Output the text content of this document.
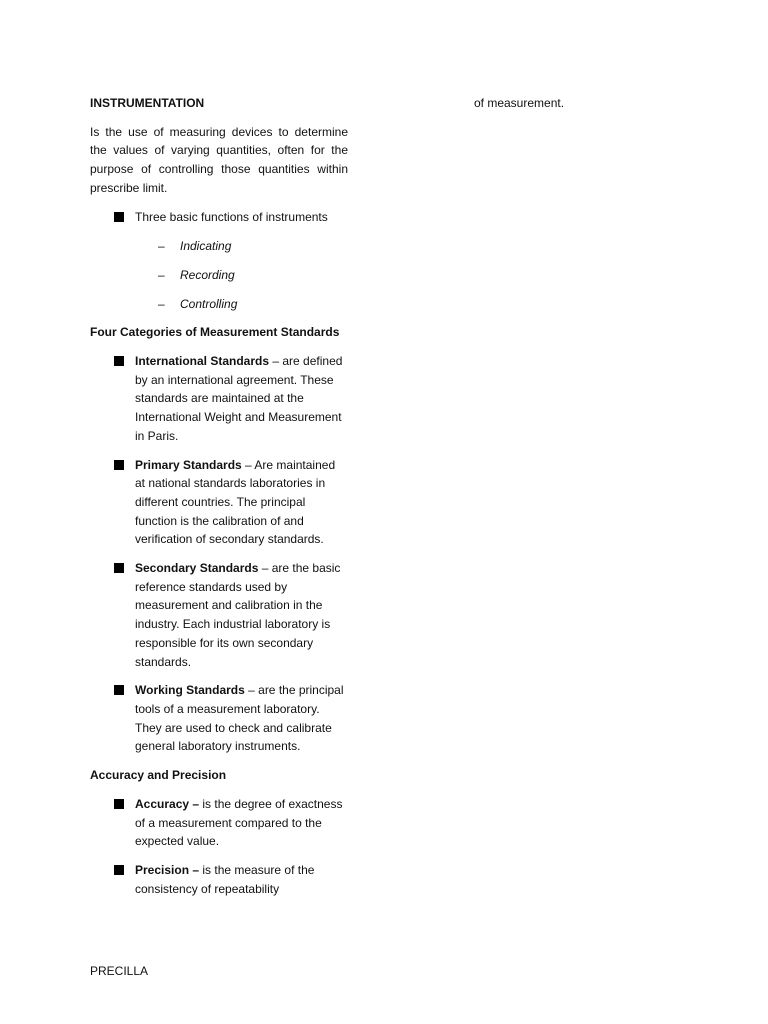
INSTRUMENTATION

Is the use of measuring devices to determine the values of varying quantities, often for the purpose of controlling those quantities within prescribe limit.

Three basic functions of instruments
– Indicating
– Recording
– Controlling

Four Categories of Measurement Standards

International Standards – are defined by an international agreement. These standards are maintained at the International Weight and Measurement in Paris.
Primary Standards – Are maintained at national standards laboratories in different countries. The principal function is the calibration of and verification of secondary standards.
Secondary Standards – are the basic reference standards used by measurement and calibration in the industry. Each industrial laboratory is responsible for its own secondary standards.
Working Standards – are the principal tools of a measurement laboratory. They are used to check and calibrate general laboratory instruments.

Accuracy and Precision

Accuracy – is the degree of exactness of a measurement compared to the expected value.
Precision – is the measure of the consistency of repeatability

of measurement.

PRECILLA
